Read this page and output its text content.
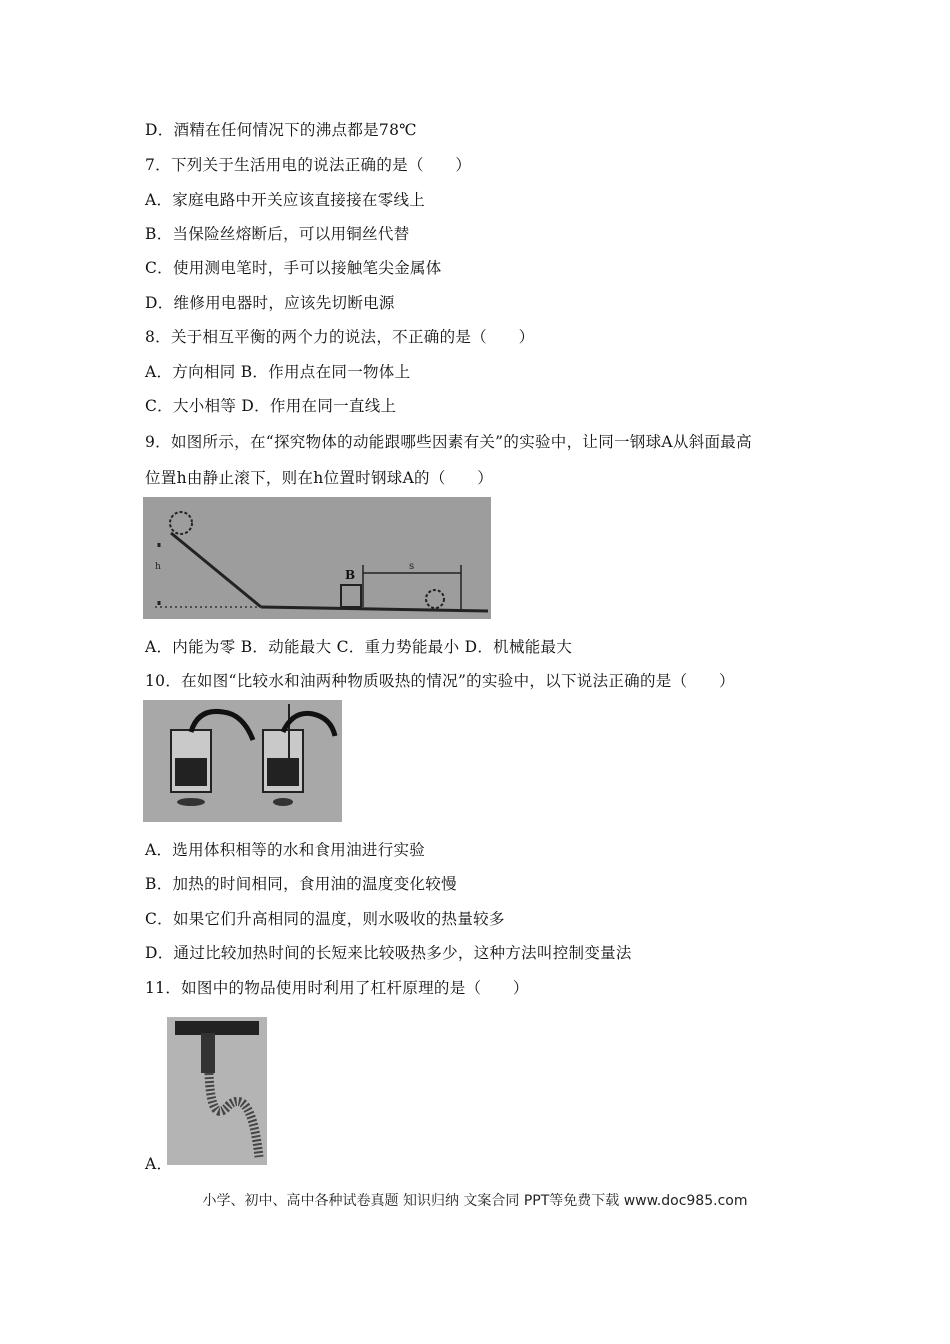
D．酒精在任何情况下的沸点都是78℃
7．下列关于生活用电的说法正确的是（　　）
A．家庭电路中开关应该直接接在零线上
B．当保险丝熔断后，可以用铜丝代替
C．使用测电笔时，手可以接触笔尖金属体
D．维修用电器时，应该先切断电源
8．关于相互平衡的两个力的说法，不正确的是（　　）
A．方向相同 B．作用点在同一物体上
C．大小相等 D．作用在同一直线上
9．如图所示，在“探究物体的动能跟哪些因素有关”的实验中，让同一钢球A从斜面最高
位置h由静止滚下，则在h位置时钢球A的（　　）
h
B
s
A．内能为零 B．动能最大 C．重力势能最小 D．机械能最大
10．在如图“比较水和油两种物质吸热的情况”的实验中，以下说法正确的是（　　）
A．选用体积相等的水和食用油进行实验
B．加热的时间相同，食用油的温度变化较慢
C．如果它们升高相同的温度，则水吸收的热量较多
D．通过比较加热时间的长短来比较吸热多少，这种方法叫控制变量法
11．如图中的物品使用时利用了杠杆原理的是（　　）
A．
小学、初中、高中各种试卷真题 知识归纳 文案合同 PPT等免费下载 www.doc985.com
